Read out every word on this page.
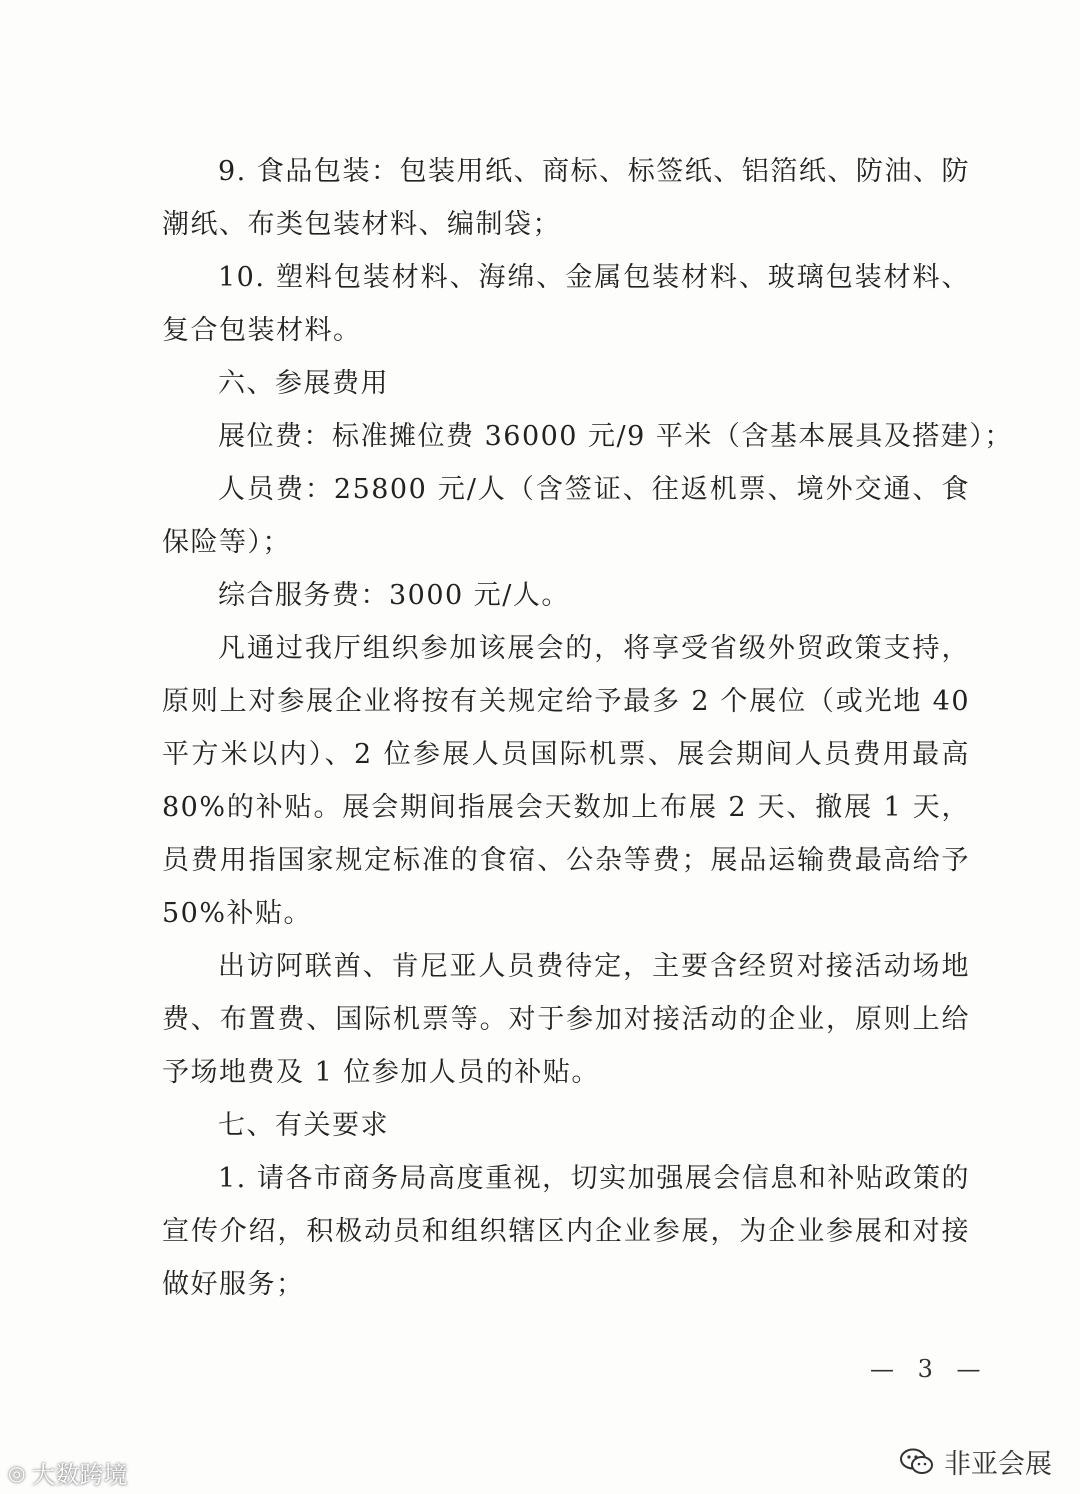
9. 食品包装：包装用纸、商标、标签纸、铝箔纸、防油、防
潮纸、布类包装材料、编制袋；
10. 塑料包装材料、海绵、金属包装材料、玻璃包装材料、
复合包装材料。
六、参展费用
展位费：标准摊位费 36000 元/9 平米（含基本展具及搭建）；
人员费：25800 元/人（含签证、往返机票、境外交通、食
保险等）；
综合服务费：3000 元/人。
凡通过我厅组织参加该展会的，将享受省级外贸政策支持，
原则上对参展企业将按有关规定给予最多 2 个展位（或光地 40
平方米以内）、2 位参展人员国际机票、展会期间人员费用最高
80%的补贴。展会期间指展会天数加上布展 2 天、撤展 1 天，
员费用指国家规定标准的食宿、公杂等费；展品运输费最高给予
50%补贴。
出访阿联酋、肯尼亚人员费待定，主要含经贸对接活动场地
费、布置费、国际机票等。对于参加对接活动的企业，原则上给
予场地费及 1 位参加人员的补贴。
七、有关要求
1. 请各市商务局高度重视，切实加强展会信息和补贴政策的
宣传介绍，积极动员和组织辖区内企业参展，为企业参展和对接
做好服务；
— 3 —
◎ 大数跨境	非亚会展
